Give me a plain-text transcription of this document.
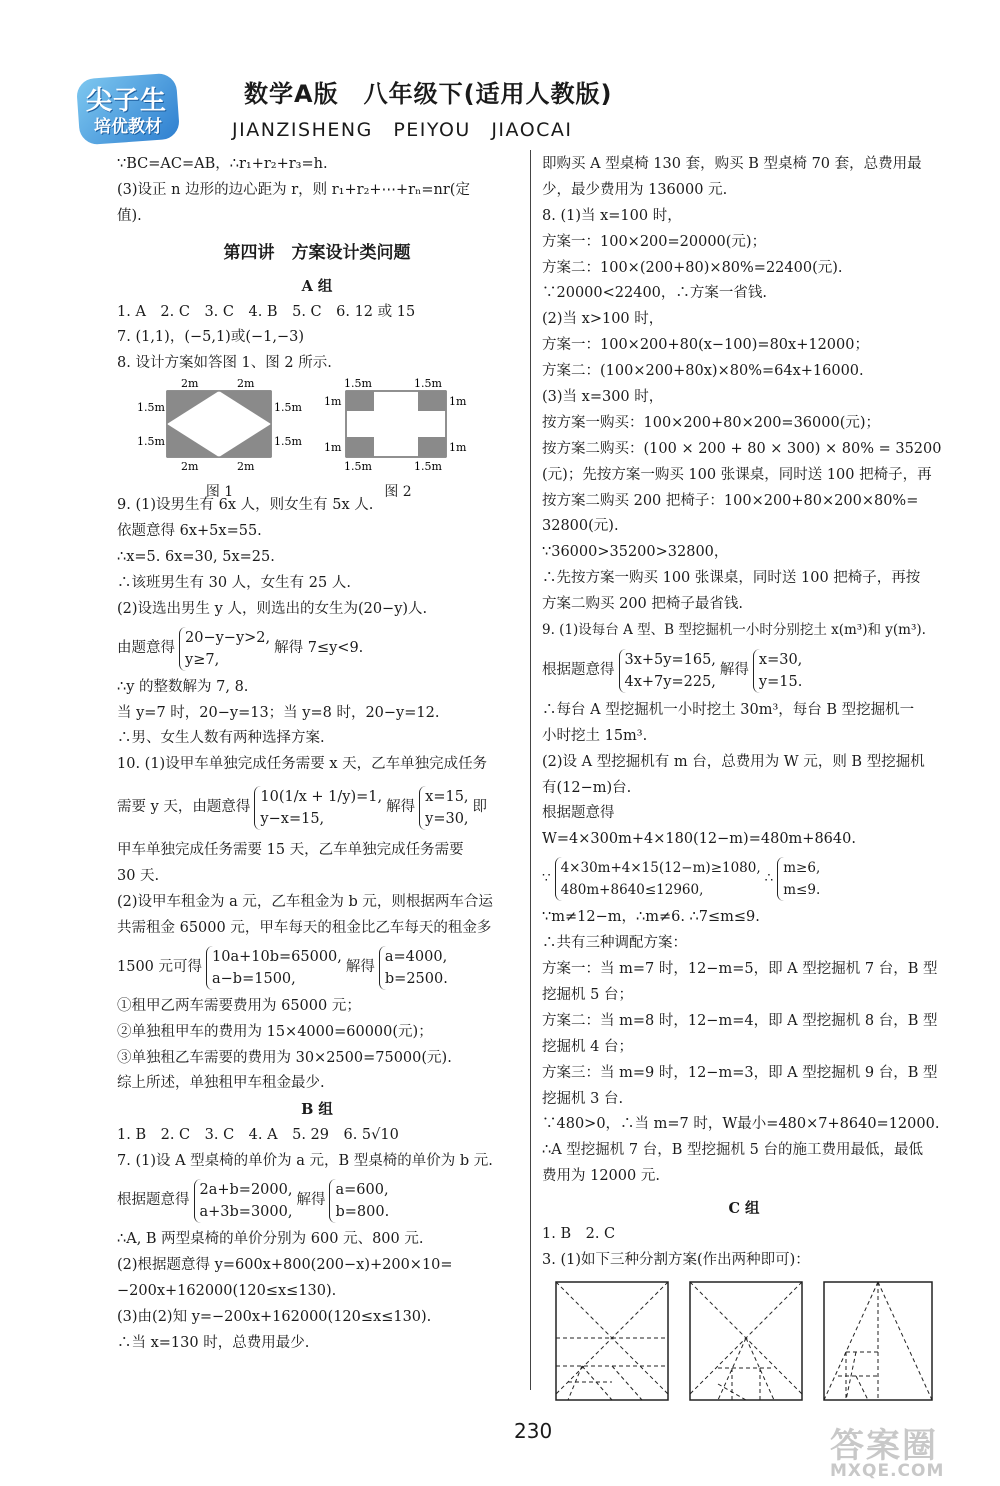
尖子生
培优教材
数学A版　八年级下(适用人教版)
JIANZISHENG　PEIYOU　JIAOCAI
∵BC=AC=AB，∴r₁+r₂+r₃=h.
(3)设正 n 边形的边心距为 r，则 r₁+r₂+⋯+rₙ=nr(定
值).
第四讲　方案设计类问题
A 组
1. A　2. C　3. C　4. B　5. C　6. 12 或 15
7. (1,1)，(−5,1)或(−1,−3)
8. 设计方案如答图 1、图 2 所示.
2m	2m
2m	2m
1.5m
1.5m
1.5m
1.5m
图 1
1.5m	1.5m
1.5m	1.5m
1m
1m
1m
1m
图 2
9. (1)设男生有 6x 人，则女生有 5x 人.
依题意得 6x+5x=55.
∴x=5. 6x=30, 5x=25.
∴该班男生有 30 人，女生有 25 人.
(2)设选出男生 y 人，则选出的女生为(20−y)人.
由题意得
20−y−y>2,
y≥7,
解得 7≤y<9.
∴y 的整数解为 7, 8.
当 y=7 时，20−y=13；当 y=8 时，20−y=12.
∴男、女生人数有两种选择方案.
10. (1)设甲车单独完成任务需要 x 天，乙车单独完成任务
需要 y 天，由题意得
10(1/x + 1/y)=1,
y−x=15,
解得
x=15,
y=30,
即
甲车单独完成任务需要 15 天，乙车单独完成任务需要
30 天.
(2)设甲车租金为 a 元，乙车租金为 b 元，则根据两车合运
共需租金 65000 元，甲车每天的租金比乙车每天的租金多
1500 元可得
10a+10b=65000,
a−b=1500,
解得
a=4000,
b=2500.
①租甲乙两车需要费用为 65000 元；
②单独租甲车的费用为 15×4000=60000(元)；
③单独租乙车需要的费用为 30×2500=75000(元).
综上所述，单独租甲车租金最少.
B 组
1. B　2. C　3. C　4. A　5. 29　6. 5√10
7. (1)设 A 型桌椅的单价为 a 元，B 型桌椅的单价为 b 元.
根据题意得
2a+b=2000,
a+3b=3000,
解得
a=600,
b=800.
∴A, B 两型桌椅的单价分别为 600 元、800 元.
(2)根据题意得 y=600x+800(200−x)+200×10=
−200x+162000(120≤x≤130).
(3)由(2)知 y=−200x+162000(120≤x≤130).
∴当 x=130 时，总费用最少.
即购买 A 型桌椅 130 套，购买 B 型桌椅 70 套，总费用最
少，最少费用为 136000 元.
8. (1)当 x=100 时，
方案一：100×200=20000(元)；
方案二：100×(200+80)×80%=22400(元).
∵20000<22400，∴方案一省钱.
(2)当 x>100 时，
方案一：100×200+80(x−100)=80x+12000；
方案二：(100×200+80x)×80%=64x+16000.
(3)当 x=300 时，
按方案一购买：100×200+80×200=36000(元)；
按方案二购买：(100 × 200 + 80 × 300) × 80% = 35200
(元)；先按方案一购买 100 张课桌，同时送 100 把椅子，再
按方案二购买 200 把椅子：100×200+80×200×80%=
32800(元).
∵36000>35200>32800，
∴先按方案一购买 100 张课桌，同时送 100 把椅子，再按
方案二购买 200 把椅子最省钱.
9. (1)设每台 A 型、B 型挖掘机一小时分别挖土 x(m³)和 y(m³).
根据题意得
3x+5y=165,
4x+7y=225,
解得
x=30,
y=15.
∴每台 A 型挖掘机一小时挖土 30m³，每台 B 型挖掘机一
小时挖土 15m³.
(2)设 A 型挖掘机有 m 台，总费用为 W 元，则 B 型挖掘机
有(12−m)台.
根据题意得
W=4×300m+4×180(12−m)=480m+8640.
∵
4×30m+4×15(12−m)≥1080,
480m+8640≤12960,
∴
m≥6,
m≤9.
∵m≠12−m，∴m≠6. ∴7≤m≤9.
∴共有三种调配方案：
方案一：当 m=7 时，12−m=5，即 A 型挖掘机 7 台，B 型
挖掘机 5 台；
方案二：当 m=8 时，12−m=4，即 A 型挖掘机 8 台，B 型
挖掘机 4 台；
方案三：当 m=9 时，12−m=3，即 A 型挖掘机 9 台，B 型
挖掘机 3 台.
∵480>0，∴当 m=7 时，W最小=480×7+8640=12000.
∴A 型挖掘机 7 台，B 型挖掘机 5 台的施工费用最低，最低
费用为 12000 元.
C 组
1. B　2. C
3. (1)如下三种分割方案(作出两种即可)：
230	答案圈
MXQE.COM
